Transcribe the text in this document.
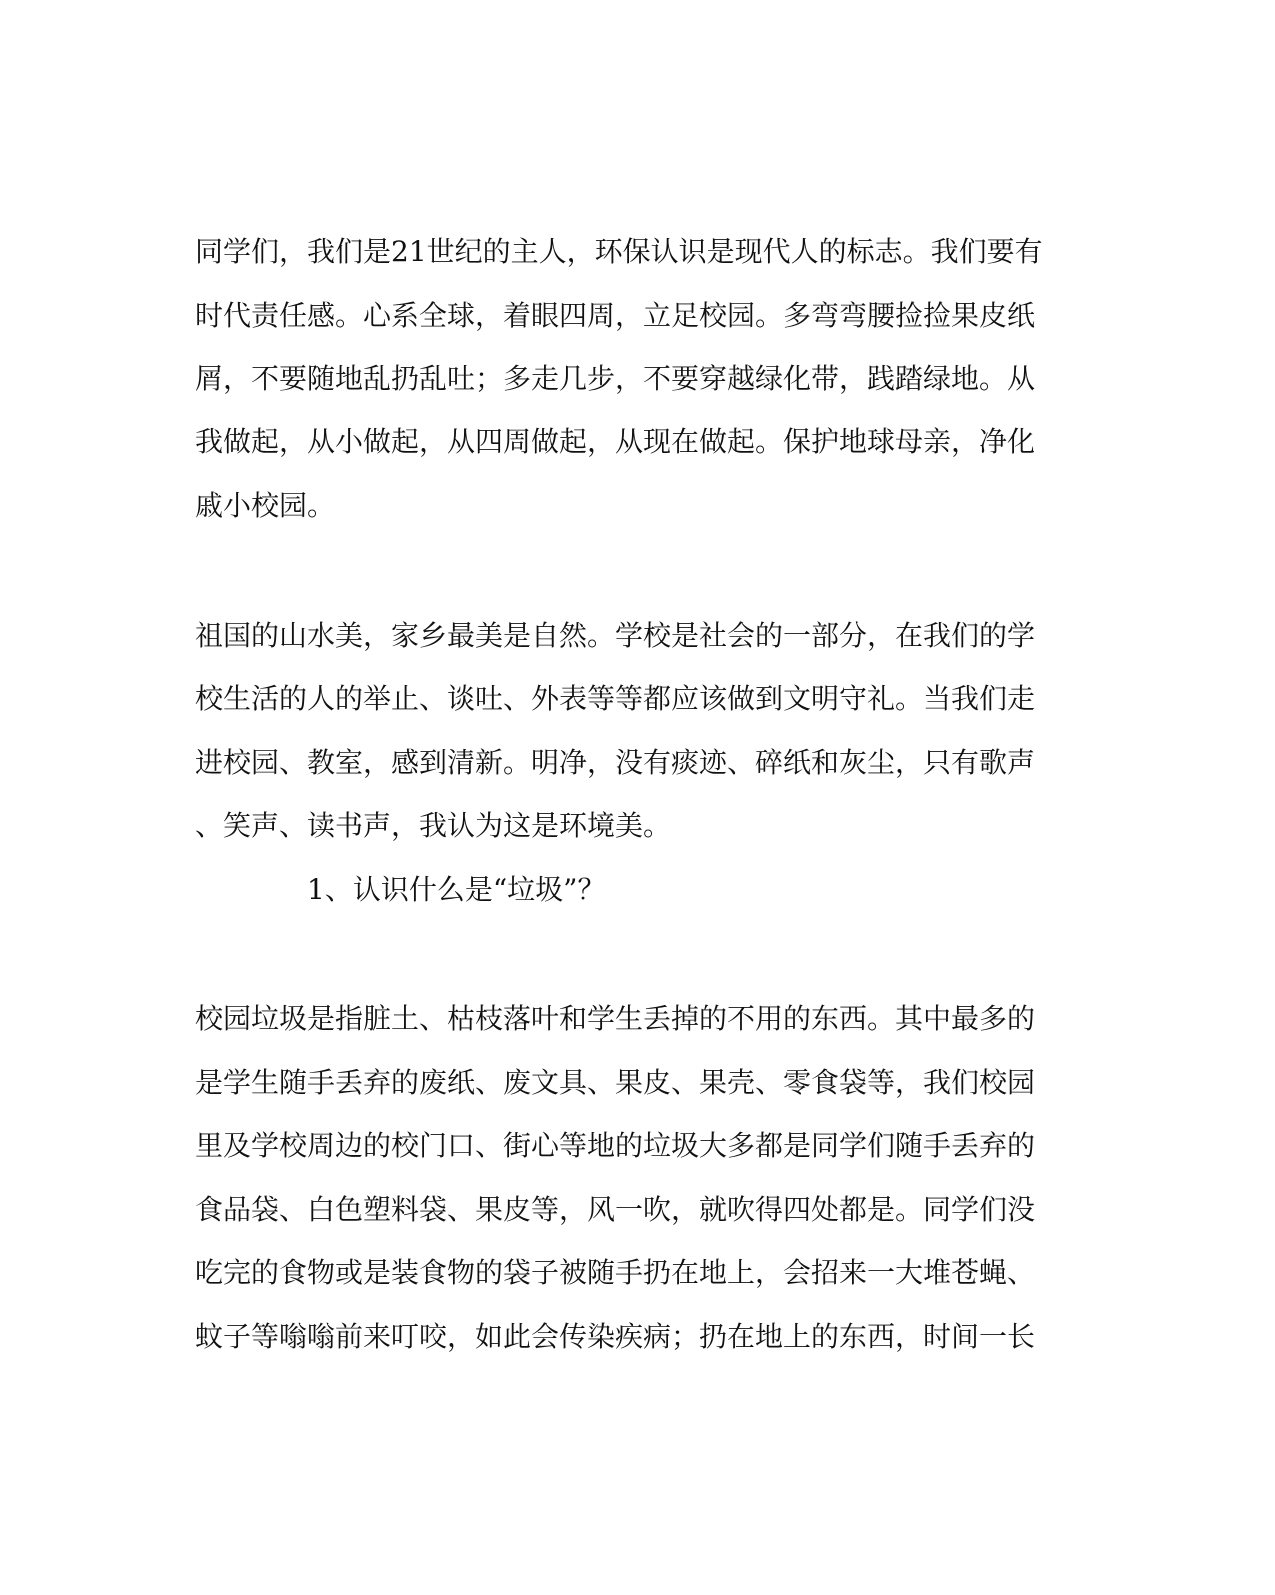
同学们，我们是21世纪的主人，环保认识是现代人的标志。我们要有
时代责任感。心系全球，着眼四周，立足校园。多弯弯腰捡捡果皮纸
屑，不要随地乱扔乱吐；多走几步，不要穿越绿化带，践踏绿地。从
我做起，从小做起，从四周做起，从现在做起。保护地球母亲，净化
戚小校园。
祖国的山水美，家乡最美是自然。学校是社会的一部分，在我们的学
校生活的人的举止、谈吐、外表等等都应该做到文明守礼。当我们走
进校园、教室，感到清新。明净，没有痰迹、碎纸和灰尘，只有歌声
、笑声、读书声，我认为这是环境美。
1、认识什么是“垃圾”？
校园垃圾是指脏土、枯枝落叶和学生丢掉的不用的东西。其中最多的
是学生随手丢弃的废纸、废文具、果皮、果壳、零食袋等，我们校园
里及学校周边的校门口、街心等地的垃圾大多都是同学们随手丢弃的
食品袋、白色塑料袋、果皮等，风一吹，就吹得四处都是。同学们没
吃完的食物或是装食物的袋子被随手扔在地上，会招来一大堆苍蝇、
蚊子等嗡嗡前来叮咬，如此会传染疾病；扔在地上的东西，时间一长
